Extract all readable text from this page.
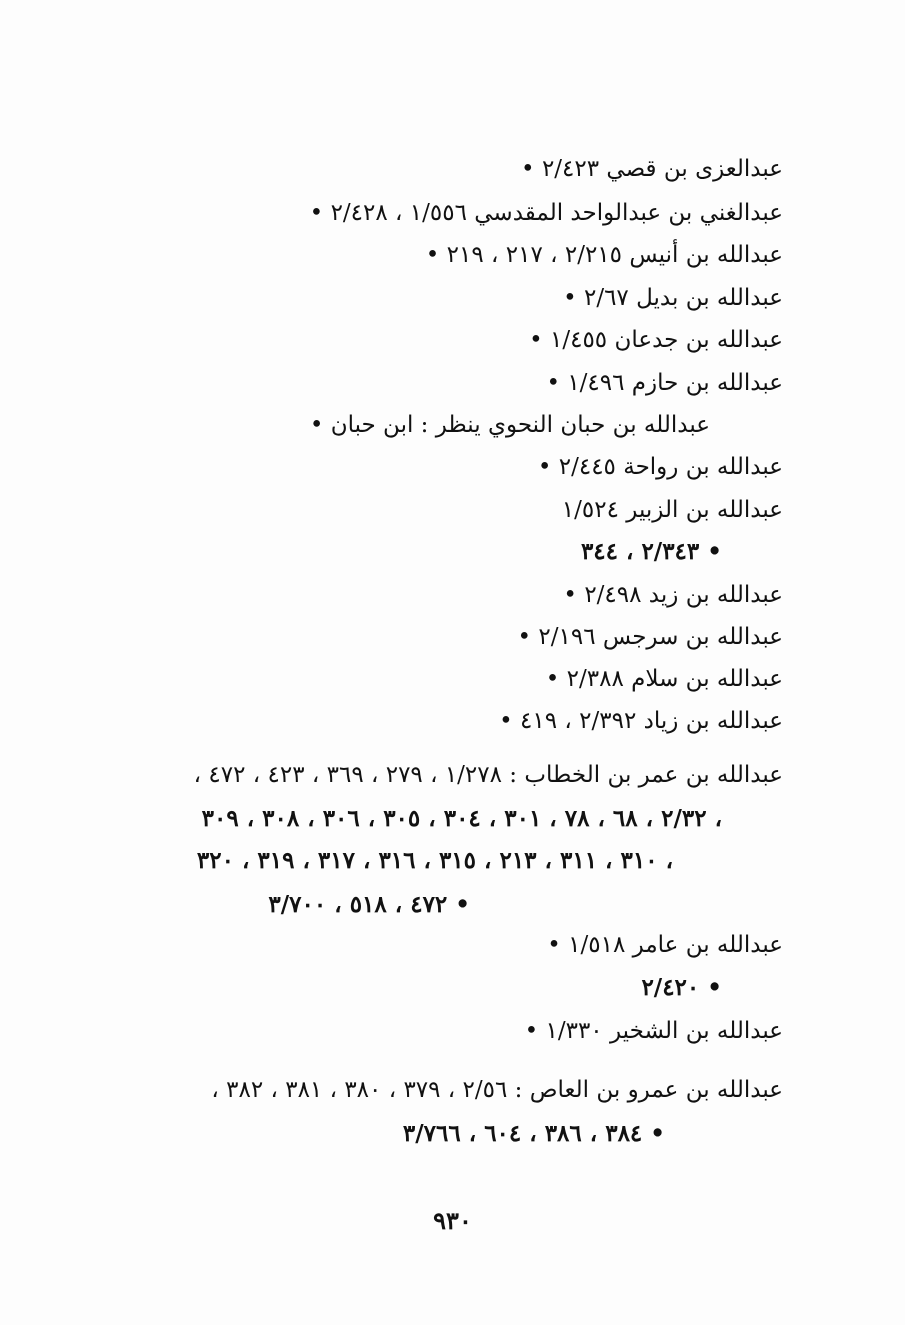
عبدالعزى بن قصي ٢/٤٢٣ •
عبدالغني بن عبدالواحد المقدسي ١/٥٥٦ ، ٢/٤٢٨ •
عبدالله بن أنيس ٢/٢١٥ ، ٢١٧ ، ٢١٩ •
عبدالله بن بديل ٢/٦٧ •
عبدالله بن جدعان ١/٤٥٥ •
عبدالله بن حازم ١/٤٩٦ •
عبدالله بن حبان النحوي ينظر : ابن حبان •
عبدالله بن رواحة ٢/٤٤٥ •
عبدالله بن الزبير ١/٥٢٤
٢/٣٤٣ ، ٣٤٤ •
عبدالله بن زيد ٢/٤٩٨ •
عبدالله بن سرجس ٢/١٩٦ •
عبدالله بن سلام ٢/٣٨٨ •
عبدالله بن زياد ٢/٣٩٢ ، ٤١٩ •
عبدالله بن عمر بن الخطاب : ١/٢٧٨ ، ٢٧٩ ، ٣٦٩ ، ٤٢٣ ، ٤٧٢ ،
٢/٣٢ ، ٦٨ ، ٧٨ ، ٣٠١ ، ٣٠٤ ، ٣٠٥ ، ٣٠٦ ، ٣٠٨ ، ٣٠٩ ،
٣١٠ ، ٣١١ ، ٢١٣ ، ٣١٥ ، ٣١٦ ، ٣١٧ ، ٣١٩ ، ٣٢٠ ،
٤٧٢ ، ٥١٨ ، ٣/٧٠٠ •
عبدالله بن عامر ١/٥١٨ •
٢/٤٢٠ •
عبدالله بن الشخير ١/٣٣٠ •
عبدالله بن عمرو بن العاص : ٢/٥٦ ، ٣٧٩ ، ٣٨٠ ، ٣٨١ ، ٣٨٢ ،
٣٨٤ ، ٣٨٦ ، ٦٠٤ ، ٣/٧٦٦ •
٩٣٠
